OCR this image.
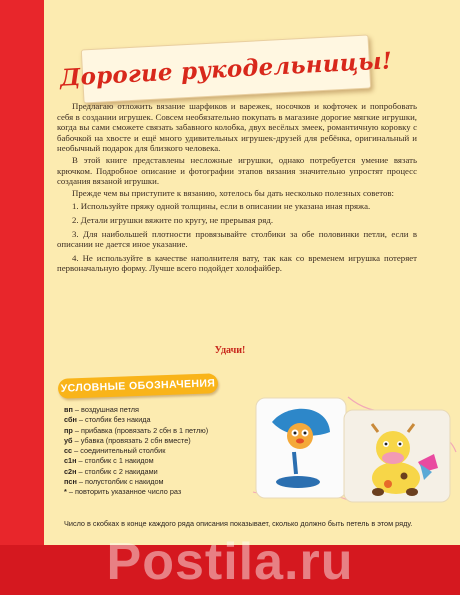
Дорогие рукодельницы!

Предлагаю отложить вязание шарфиков и варежек, носочков и кофточек и попробовать себя в создании игрушек. Совсем необязательно покупать в магазине дорогие мягкие игрушки, когда вы сами сможете связать забавного колобка, двух весёлых змеек, романтичную коровку с бабочкой на хвосте и ещё много удивительных игрушек-друзей для ребёнка, оригинальный и необычный подарок для близкого человека.

В этой книге представлены несложные игрушки, однако потребуется умение вязать крючком. Подробное описание и фотографии этапов вязания значительно упростят процесс создания вязаной игрушки.

Прежде чем вы приступите к вязанию, хотелось бы дать несколько полезных советов:

1. Используйте пряжу одной толщины, если в описании не указана иная пряжа.

2. Детали игрушки вяжите по кругу, не прерывая ряд.

3. Для наибольшей плотности провязывайте столбики за обе половинки петли, если в описании не дается иное указание.

4. Не используйте в качестве наполнителя вату, так как со временем игрушка потеряет первоначальную форму. Лучше всего подойдет холофайбер.

Удачи!
УСЛОВНЫЕ ОБОЗНАЧЕНИЯ
вп – воздушная петля
сбн – столбик без накида
пр – прибавка (провязать 2 сбн в 1 петлю)
уб – убавка (провязать 2 сбн вместе)
сс – соединительный столбик
с1н – столбик с 1 накидом
с2н – столбик с 2 накидами
псн – полустолбик с накидом
* – повторить указанное число раз
Число в скобках в конце каждого ряда описания показывает, сколько должно быть петель в этом ряду.
Postila.ru
